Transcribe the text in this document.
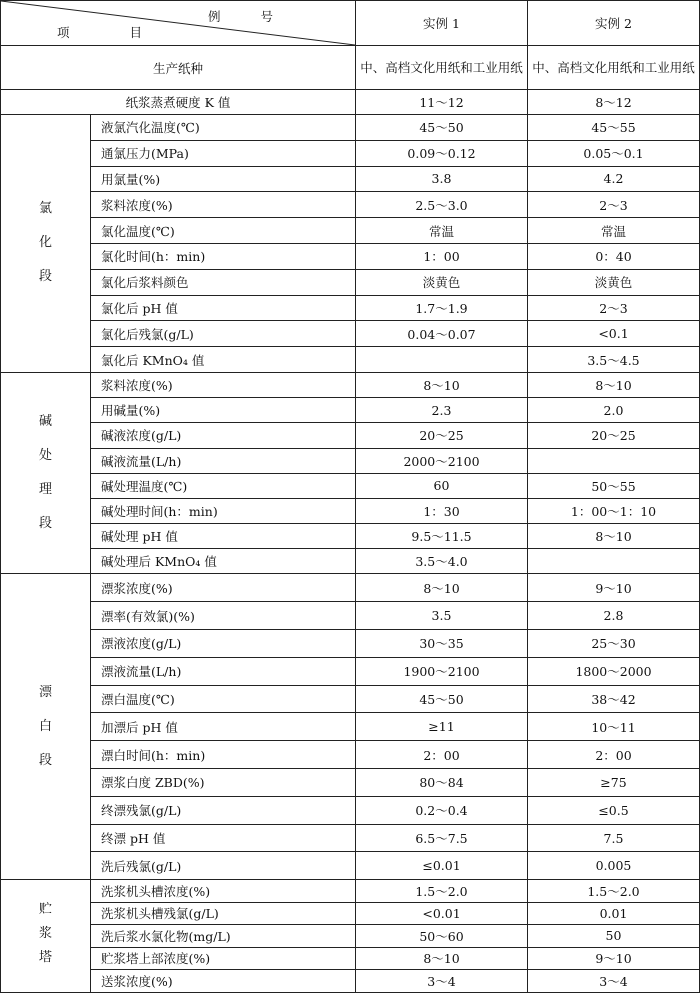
例 号
项 目		实例 1	实例 2
生产纸种		中、高档文化用纸和工业用纸	中、高档文化用纸和工业用纸
纸浆蒸煮硬度 K 值		11～12	8～12
氯化段	液氯汽化温度(℃)	45～50	45～55
	通氯压力(MPa)	0.09～0.12	0.05～0.1
	用氯量(%)	3.8	4.2
	浆料浓度(%)	2.5～3.0	2～3
	氯化温度(℃)	常温	常温
	氯化时间(h：min)	1：00	0：40
	氯化后浆料颜色	淡黄色	淡黄色
	氯化后 pH 值	1.7～1.9	2～3
	氯化后残氯(g/L)	0.04～0.07	<0.1
	氯化后 KMnO₄ 值		3.5～4.5
碱处理段	浆料浓度(%)	8～10	8～10
	用碱量(%)	2.3	2.0
	碱液浓度(g/L)	20～25	20～25
	碱液流量(L/h)	2000～2100	
	碱处理温度(℃)	60	50～55
	碱处理时间(h：min)	1：30	1：00～1：10
	碱处理 pH 值	9.5～11.5	8～10
	碱处理后 KMnO₄ 值	3.5～4.0	
漂白段	漂浆浓度(%)	8～10	9～10
	漂率(有效氯)(%)	3.5	2.8
	漂液浓度(g/L)	30～35	25～30
	漂液流量(L/h)	1900～2100	1800～2000
	漂白温度(℃)	45～50	38～42
	加漂后 pH 值	≥11	10～11
	漂白时间(h：min)	2：00	2：00
	漂浆白度 ZBD(%)	80～84	≥75
	终漂残氯(g/L)	0.2～0.4	≤0.5
	终漂 pH 值	6.5～7.5	7.5
	洗后残氯(g/L)	≤0.01	0.005
贮浆塔	洗浆机头槽浓度(%)	1.5～2.0	1.5～2.0
	洗浆机头槽残氯(g/L)	<0.01	0.01
	洗后浆水氯化物(mg/L)	50～60	50
	贮浆塔上部浓度(%)	8～10	9～10
	送浆浓度(%)	3～4	3～4
